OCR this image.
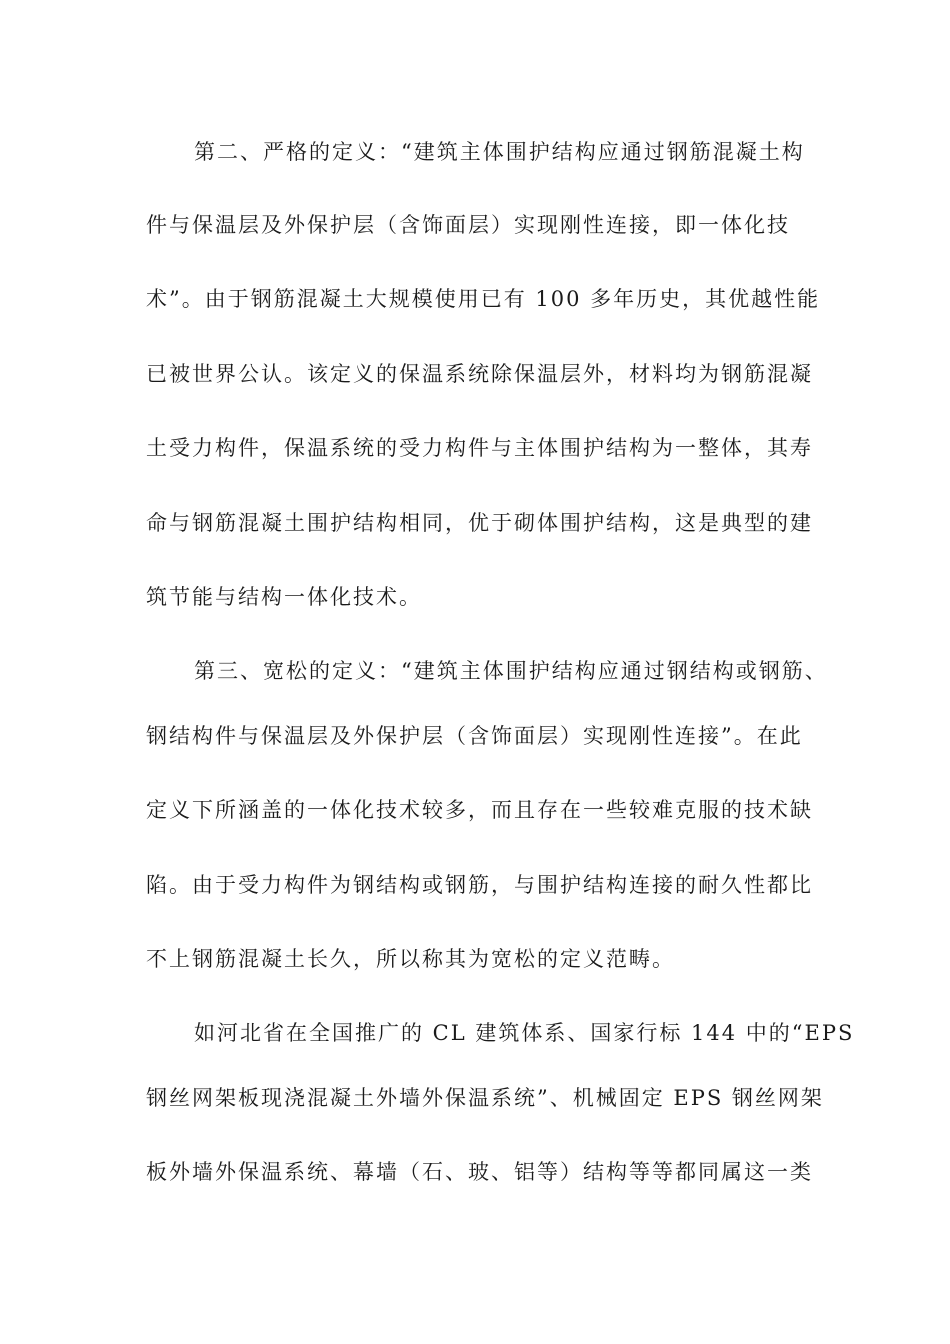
第二、严格的定义：“建筑主体围护结构应通过钢筋混凝土构
件与保温层及外保护层（含饰面层）实现刚性连接，即一体化技
术”。由于钢筋混凝土大规模使用已有 100 多年历史，其优越性能
已被世界公认。该定义的保温系统除保温层外，材料均为钢筋混凝
土受力构件，保温系统的受力构件与主体围护结构为一整体，其寿
命与钢筋混凝土围护结构相同，优于砌体围护结构，这是典型的建
筑节能与结构一体化技术。
第三、宽松的定义：“建筑主体围护结构应通过钢结构或钢筋、
钢结构件与保温层及外保护层（含饰面层）实现刚性连接”。在此
定义下所涵盖的一体化技术较多，而且存在一些较难克服的技术缺
陷。由于受力构件为钢结构或钢筋，与围护结构连接的耐久性都比
不上钢筋混凝土长久，所以称其为宽松的定义范畴。
如河北省在全国推广的 CL 建筑体系、国家行标 144 中的“EPS
钢丝网架板现浇混凝土外墙外保温系统”、机械固定 EPS 钢丝网架
板外墙外保温系统、幕墙（石、玻、铝等）结构等等都同属这一类
